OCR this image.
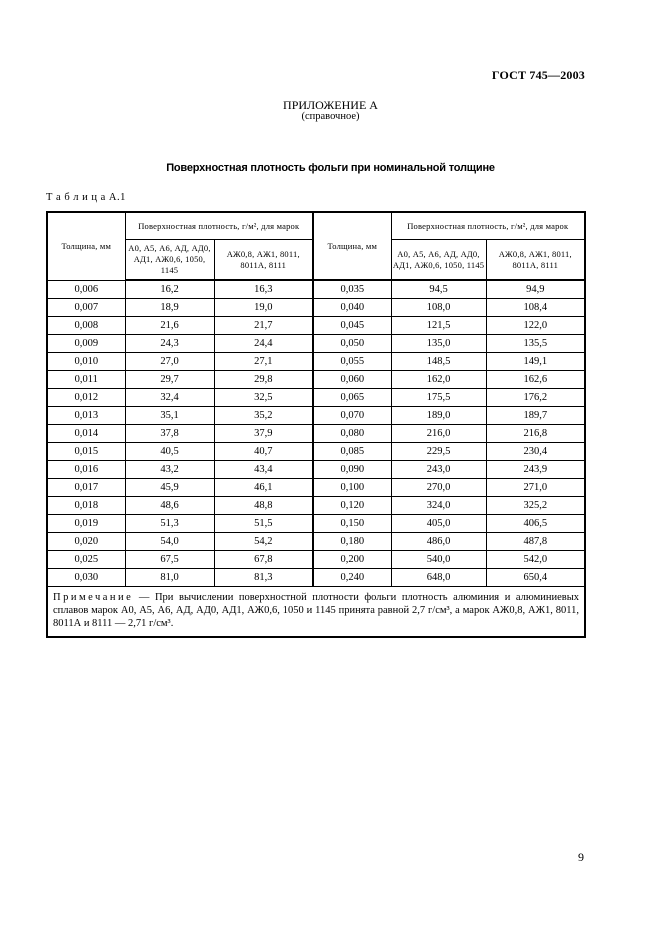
ГОСТ 745—2003
ПРИЛОЖЕНИЕ А
(справочное)
Поверхностная плотность фольги при номинальной толщине
Т а б л и ц а А.1
Толщина, мм	Поверхностная плотность, г/м², для марок		Толщина, мм	Поверхностная плотность, г/м², для марок	
	А0, А5, А6, АД, АД0, АД1, АЖ0,6, 1050, 1145	АЖ0,8, АЖ1, 8011, 8011А, 8111		А0, А5, А6, АД, АД0, АД1, АЖ0,6, 1050, 1145	АЖ0,8, АЖ1, 8011, 8011А, 8111
0,006	16,2	16,3	0,035	94,5	94,9
0,007	18,9	19,0	0,040	108,0	108,4
0,008	21,6	21,7	0,045	121,5	122,0
0,009	24,3	24,4	0,050	135,0	135,5
0,010	27,0	27,1	0,055	148,5	149,1
0,011	29,7	29,8	0,060	162,0	162,6
0,012	32,4	32,5	0,065	175,5	176,2
0,013	35,1	35,2	0,070	189,0	189,7
0,014	37,8	37,9	0,080	216,0	216,8
0,015	40,5	40,7	0,085	229,5	230,4
0,016	43,2	43,4	0,090	243,0	243,9
0,017	45,9	46,1	0,100	270,0	271,0
0,018	48,6	48,8	0,120	324,0	325,2
0,019	51,3	51,5	0,150	405,0	406,5
0,020	54,0	54,2	0,180	486,0	487,8
0,025	67,5	67,8	0,200	540,0	542,0
0,030	81,0	81,3	0,240	648,0	650,4
Примечание — При вычислении поверхностной плотности фольги плотность алюминия и алюминиевых сплавов марок А0, А5, А6, АД, АД0, АД1, АЖ0,6, 1050 и 1145 принята равной 2,7 г/см³, а марок АЖ0,8, АЖ1, 8011, 8011А и 8111 — 2,71 г/см³.					
9
